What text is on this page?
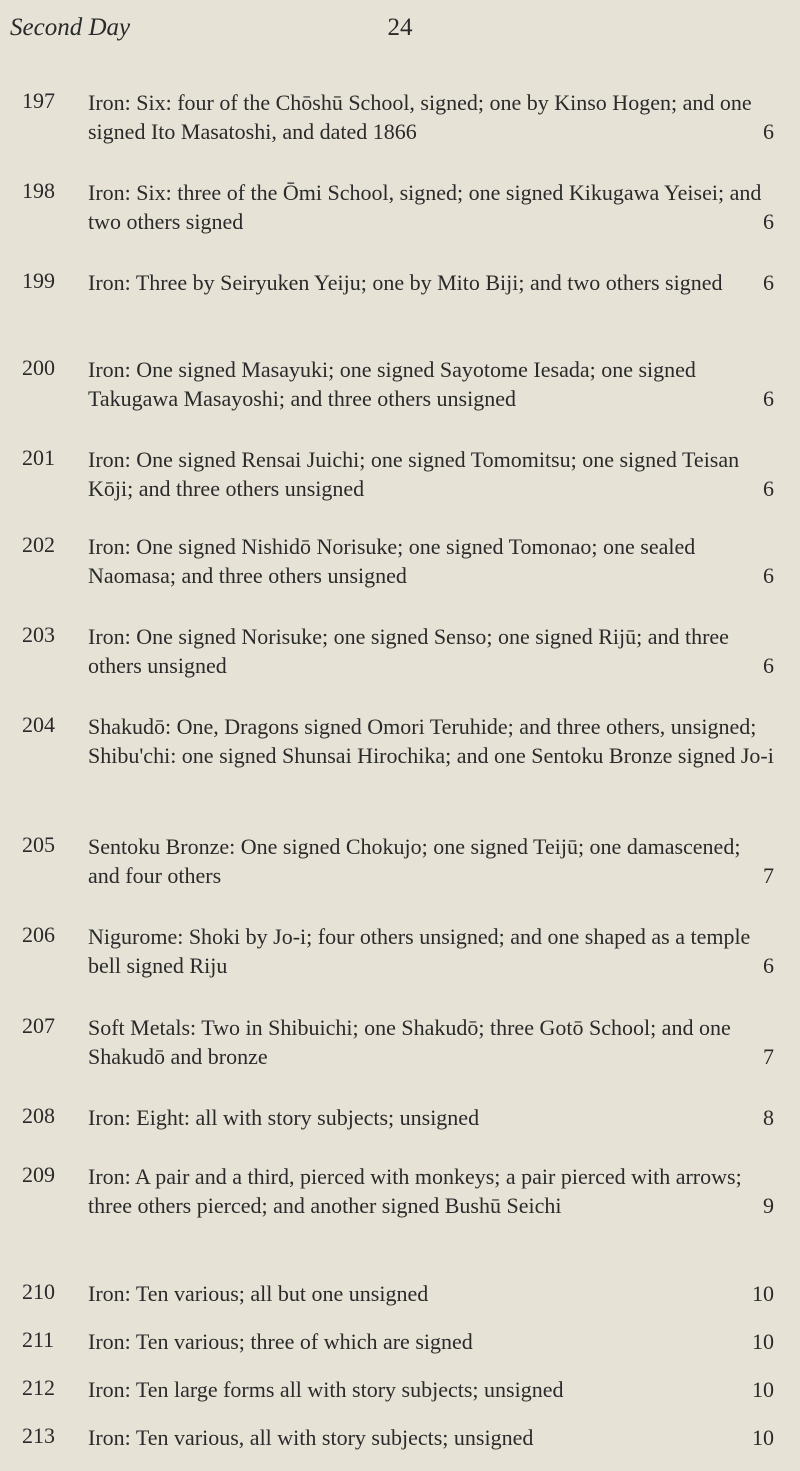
Second Day	24
197	Iron: Six: four of the Chōshū School, signed; one by Kinso Hogen; and one signed Ito Masatoshi, and dated 1866	6
198	Iron: Six: three of the Ōmi School, signed; one signed Kikugawa Yeisei; and two others signed	6
199	Iron: Three by Seiryuken Yeiju; one by Mito Biji; and two others signed	6
200	Iron: One signed Masayuki; one signed Sayotome Iesada; one signed Takugawa Masayoshi; and three others unsigned	6
201	Iron: One signed Rensai Juichi; one signed Tomomitsu; one signed Teisan Kōji; and three others unsigned	6
202	Iron: One signed Nishidō Norisuke; one signed Tomonao; one sealed Naomasa; and three others unsigned	6
203	Iron: One signed Norisuke; one signed Senso; one signed Rijū; and three others unsigned	6
204	Shakudō: One, Dragons signed Omori Teruhide; and three others, unsigned; Shibu'chi: one signed Shunsai Hirochika; and one Sentoku Bronze signed Jo-i
205	Sentoku Bronze: One signed Chokujo; one signed Teijū; one damascened; and four others	7
206	Nigurome: Shoki by Jo-i; four others unsigned; and one shaped as a temple bell signed Riju	6
207	Soft Metals: Two in Shibuichi; one Shakudō; three Gotō School; and one Shakudō and bronze	7
208	Iron: Eight: all with story subjects; unsigned	8
209	Iron: A pair and a third, pierced with monkeys; a pair pierced with arrows; three others pierced; and another signed Bushū Seichi	9
210	Iron: Ten various; all but one unsigned	10
211	Iron: Ten various; three of which are signed	10
212	Iron: Ten large forms all with story subjects; unsigned	10
213	Iron: Ten various, all with story subjects; unsigned	10
